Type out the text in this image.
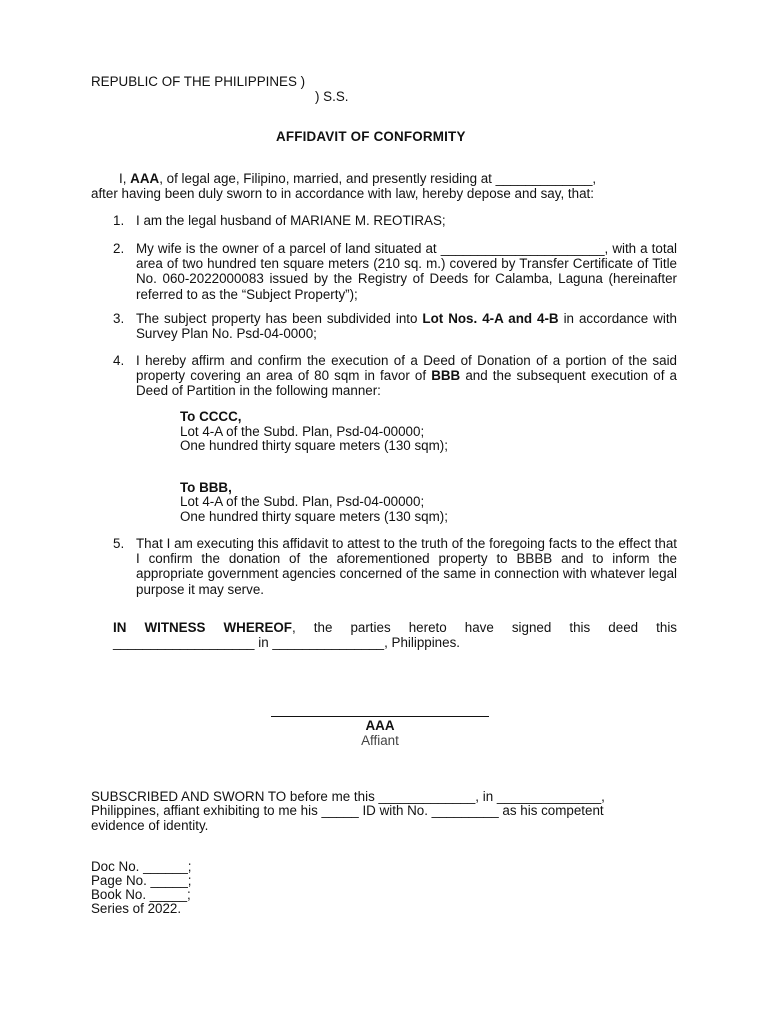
REPUBLIC OF THE PHILIPPINES )
) S.S.
AFFIDAVIT OF CONFORMITY
I, AAA, of legal age, Filipino, married, and presently residing at _____________,
after having been duly sworn to in accordance with law, hereby depose and say, that:
1. I am the legal husband of MARIANE M. REOTIRAS;
2. My wife is the owner of a parcel of land situated at ______________________, with a total area of two hundred ten square meters (210 sq. m.) covered by Transfer Certificate of Title No. 060-2022000083 issued by the Registry of Deeds for Calamba, Laguna (hereinafter referred to as the “Subject Property”);
3. The subject property has been subdivided into Lot Nos. 4-A and 4-B in accordance with Survey Plan No. Psd-04-0000;
4. I hereby affirm and confirm the execution of a Deed of Donation of a portion of the said property covering an area of 80 sqm in favor of BBB and the subsequent execution of a Deed of Partition in the following manner:
To CCCC,
Lot 4-A of the Subd. Plan, Psd-04-00000;
One hundred thirty square meters (130 sqm);
To BBB,
Lot 4-A of the Subd. Plan, Psd-04-00000;
One hundred thirty square meters (130 sqm);
5. That I am executing this affidavit to attest to the truth of the foregoing facts to the effect that I confirm the donation of the aforementioned property to BBBB and to inform the appropriate government agencies concerned of the same in connection with whatever legal purpose it may serve.
IN WITNESS WHEREOF, the parties hereto have signed this deed this
___________________ in _______________, Philippines.
AAA
Affiant
SUBSCRIBED AND SWORN TO before me this _____________, in ______________,
Philippines, affiant exhibiting to me his _____ ID with No. _________ as his competent
evidence of identity.
Doc No. ______;
Page No. _____;
Book No. _____;
Series of 2022.
